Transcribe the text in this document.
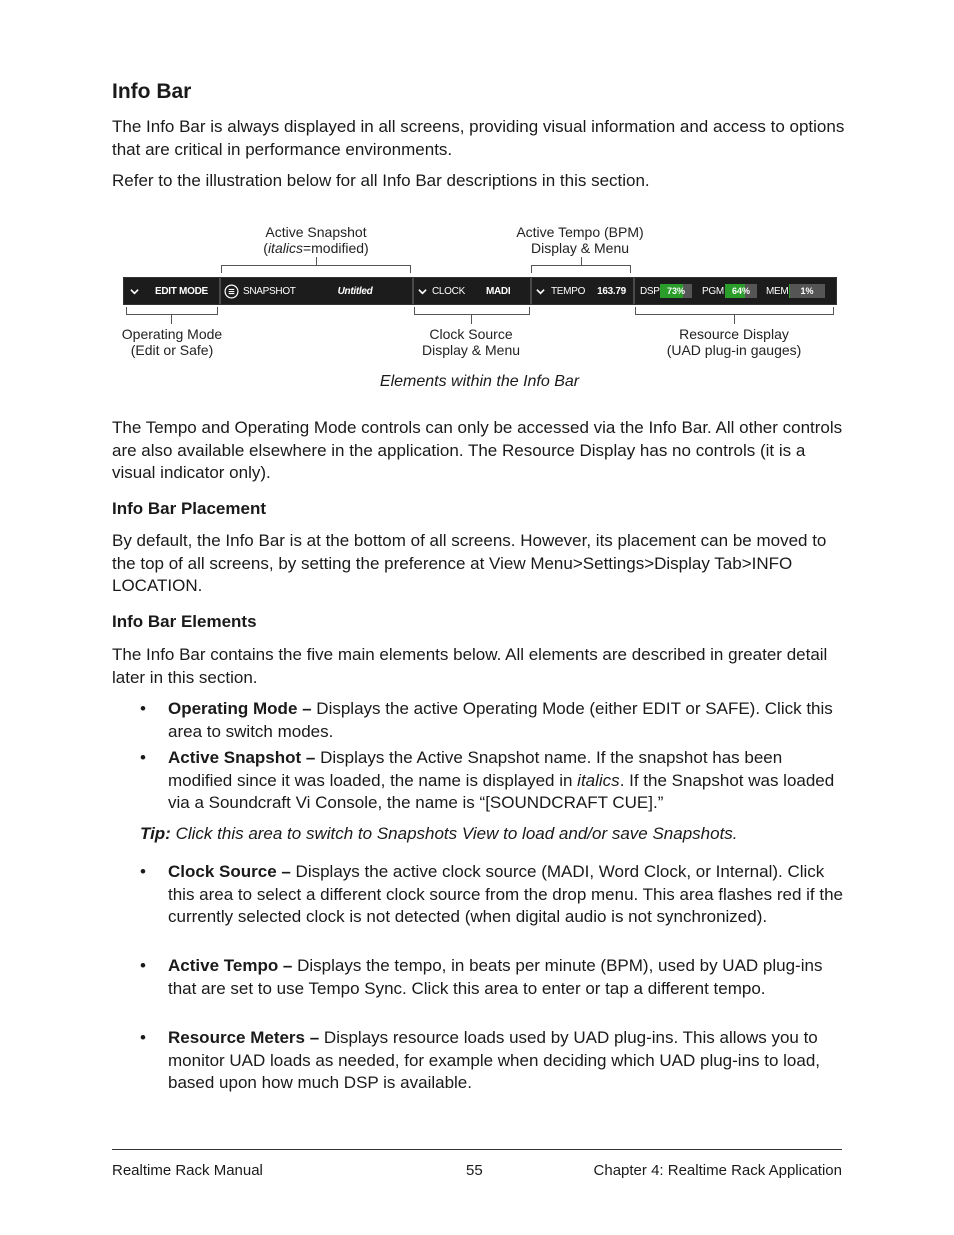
Info Bar

The Info Bar is always displayed in all screens, providing visual information and access to options that are critical in performance environments.

Refer to the illustration below for all Info Bar descriptions in this section.

Active Snapshot
(italics=modified)
Active Tempo (BPM)
Display & Menu
EDIT MODE	SNAPSHOT	Untitled	CLOCK MADI	TEMPO 163.79 DSP 73%	PGM 64%	MEM	1%
Operating Mode
(Edit or Safe)
Clock Source
Display & Menu
Resource Display
(UAD plug-in gauges)
Elements within the Info Bar

The Tempo and Operating Mode controls can only be accessed via the Info Bar. All other controls are also available elsewhere in the application. The Resource Display has no controls (it is a visual indicator only).

Info Bar Placement

By default, the Info Bar is at the bottom of all screens. However, its placement can be moved to the top of all screens, by setting the preference at View Menu>Settings>Display Tab>INFO LOCATION.

Info Bar Elements

The Info Bar contains the five main elements below. All elements are described in greater detail later in this section.

• Operating Mode – Displays the active Operating Mode (either EDIT or SAFE). Click this area to switch modes.
• Active Snapshot – Displays the Active Snapshot name. If the snapshot has been modified since it was loaded, the name is displayed in italics. If the Snapshot was loaded via a Soundcraft Vi Console, the name is “[SOUNDCRAFT CUE].”
Tip: Click this area to switch to Snapshots View to load and/or save Snapshots.
• Clock Source – Displays the active clock source (MADI, Word Clock, or Internal). Click this area to select a different clock source from the drop menu. This area flashes red if the currently selected clock is not detected (when digital audio is not synchronized).
• Active Tempo – Displays the tempo, in beats per minute (BPM), used by UAD plug-ins that are set to use Tempo Sync. Click this area to enter or tap a different tempo.
• Resource Meters – Displays resource loads used by UAD plug-ins. This allows you to monitor UAD loads as needed, for example when deciding which UAD plug-ins to load, based upon how much DSP is available.
Realtime Rack Manual	55	Chapter 4: Realtime Rack Application
